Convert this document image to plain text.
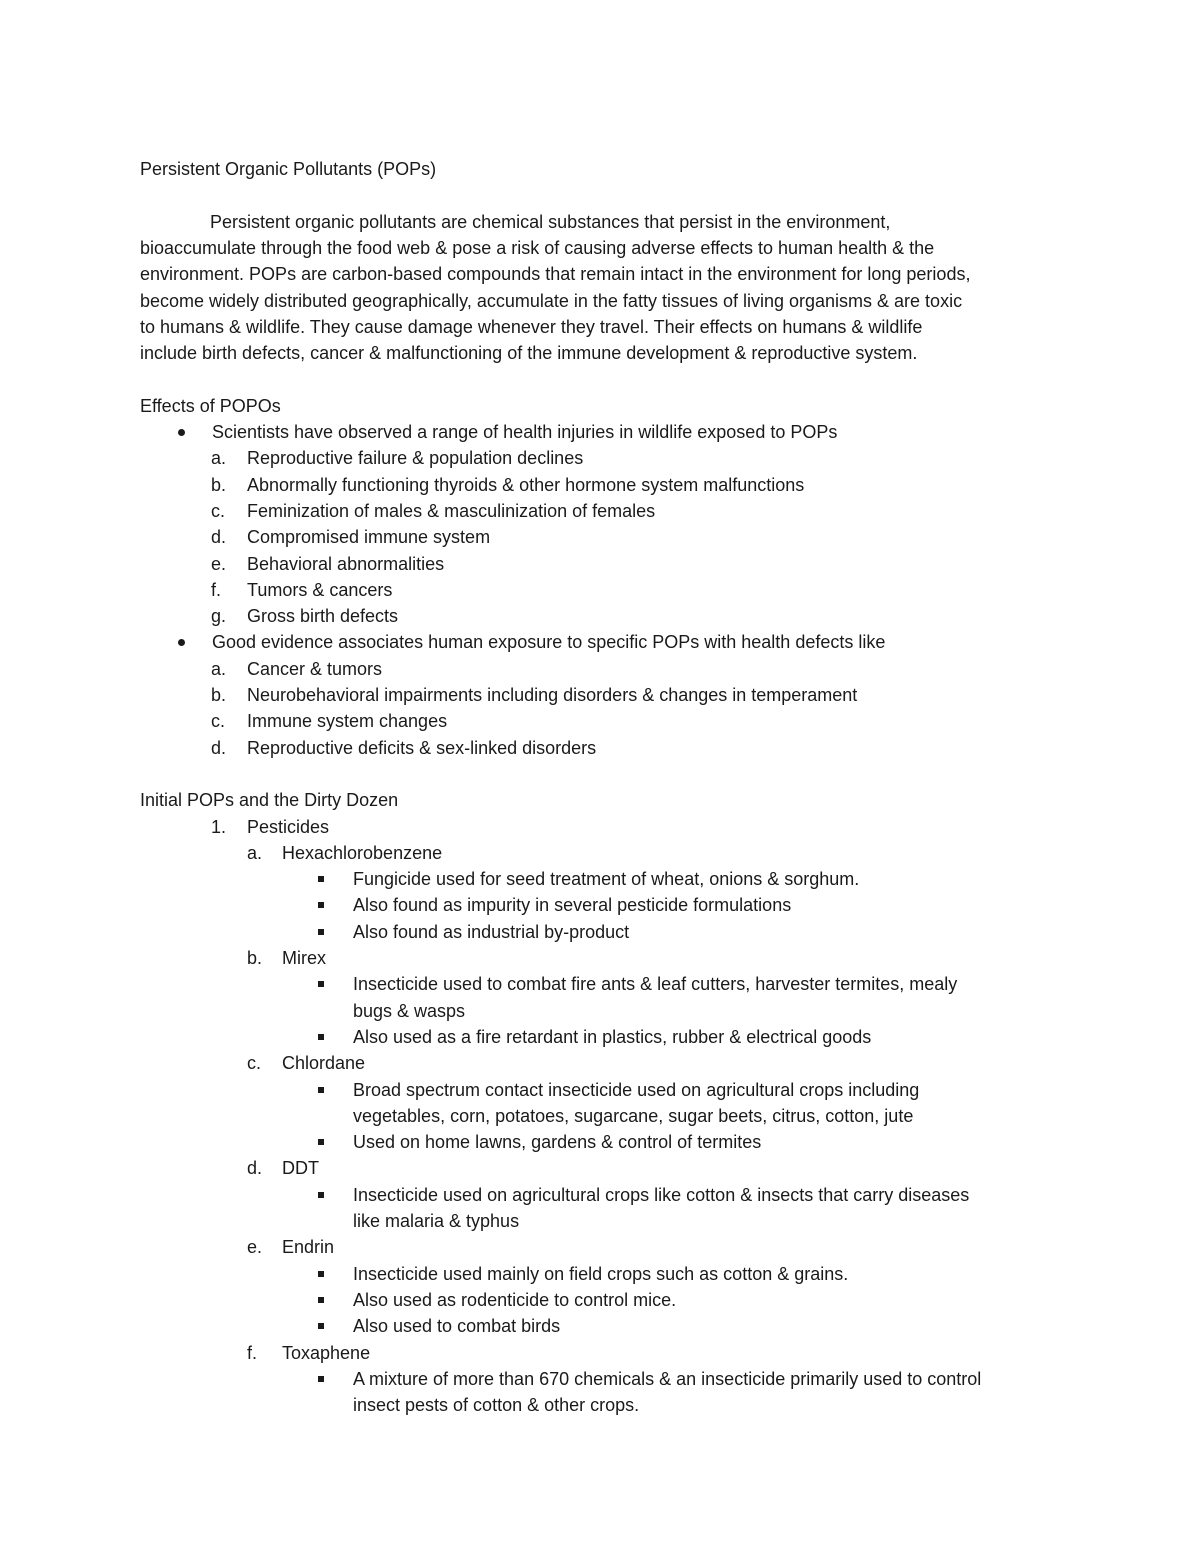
Persistent Organic Pollutants (POPs)
Persistent organic pollutants are chemical substances that persist in the environment,
bioaccumulate through the food web & pose a risk of causing adverse effects to human health & the
environment. POPs are carbon-based compounds that remain intact in the environment for long periods,
become widely distributed geographically, accumulate in the fatty tissues of living organisms & are toxic
to humans & wildlife. They cause damage whenever they travel. Their effects on humans & wildlife
include birth defects, cancer & malfunctioning of the immune development & reproductive system.
Effects of POPOs
Scientists have observed a range of health injuries in wildlife exposed to POPs
a. Reproductive failure & population declines
b. Abnormally functioning thyroids & other hormone system malfunctions
c. Feminization of males & masculinization of females
d. Compromised immune system
e. Behavioral abnormalities
f. Tumors & cancers
g. Gross birth defects
Good evidence associates human exposure to specific POPs with health defects like
a. Cancer & tumors
b. Neurobehavioral impairments including disorders & changes in temperament
c. Immune system changes
d. Reproductive deficits & sex-linked disorders
Initial POPs and the Dirty Dozen
1. Pesticides
a. Hexachlorobenzene
Fungicide used for seed treatment of wheat, onions & sorghum.
Also found as impurity in several pesticide formulations
Also found as industrial by-product
b. Mirex
Insecticide used to combat fire ants & leaf cutters, harvester termites, mealy
bugs & wasps
Also used as a fire retardant in plastics, rubber & electrical goods
c. Chlordane
Broad spectrum contact insecticide used on agricultural crops including
vegetables, corn, potatoes, sugarcane, sugar beets, citrus, cotton, jute
Used on home lawns, gardens & control of termites
d. DDT
Insecticide used on agricultural crops like cotton & insects that carry diseases
like malaria & typhus
e. Endrin
Insecticide used mainly on field crops such as cotton & grains.
Also used as rodenticide to control mice.
Also used to combat birds
f. Toxaphene
A mixture of more than 670 chemicals & an insecticide primarily used to control
insect pests of cotton & other crops.
